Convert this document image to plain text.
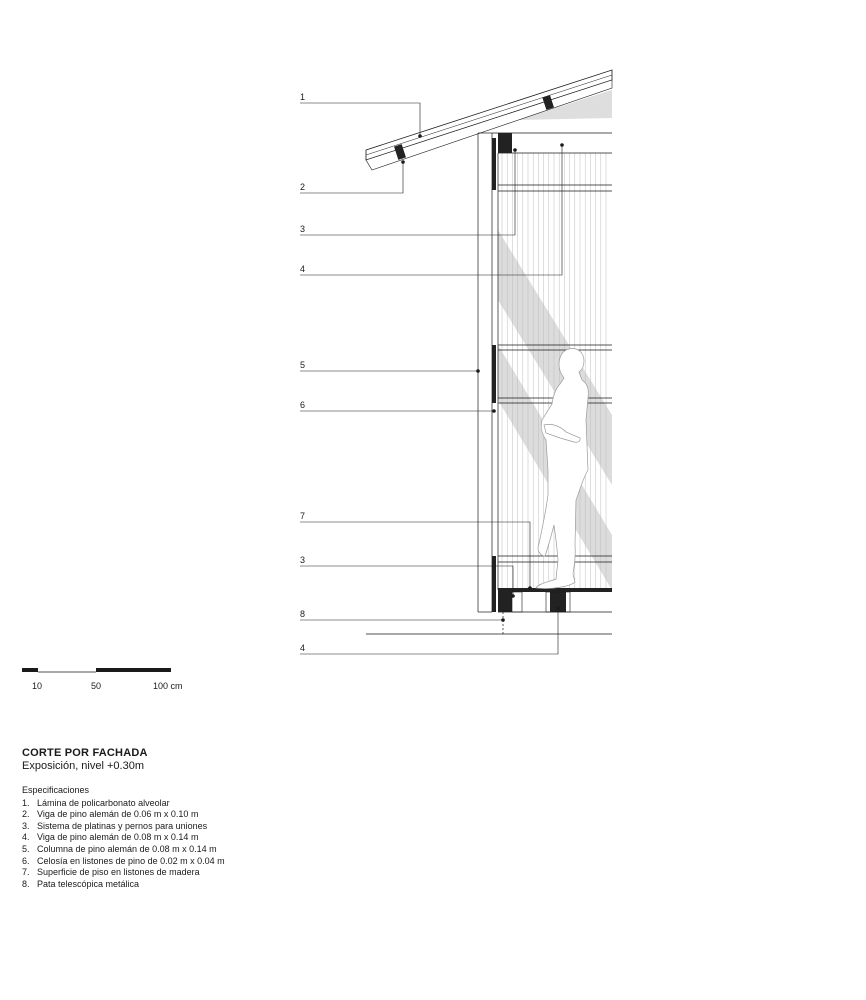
1
2
3
4
5
6
7
3
8
4
10	50	100 cm
CORTE POR FACHADA
Exposición, nivel +0.30m
Especificaciones
1. Lámina de policarbonato alveolar
2. Viga de pino alemán de 0.06 m x 0.10 m
3. Sistema de platinas y pernos para uniones
4. Viga de pino alemán de 0.08 m x 0.14 m
5. Columna de pino alemán de 0.08 m x 0.14 m
6. Celosía en listones de pino de 0.02 m x 0.04 m
7. Superficie de piso en listones de madera
8. Pata telescópica metálica
